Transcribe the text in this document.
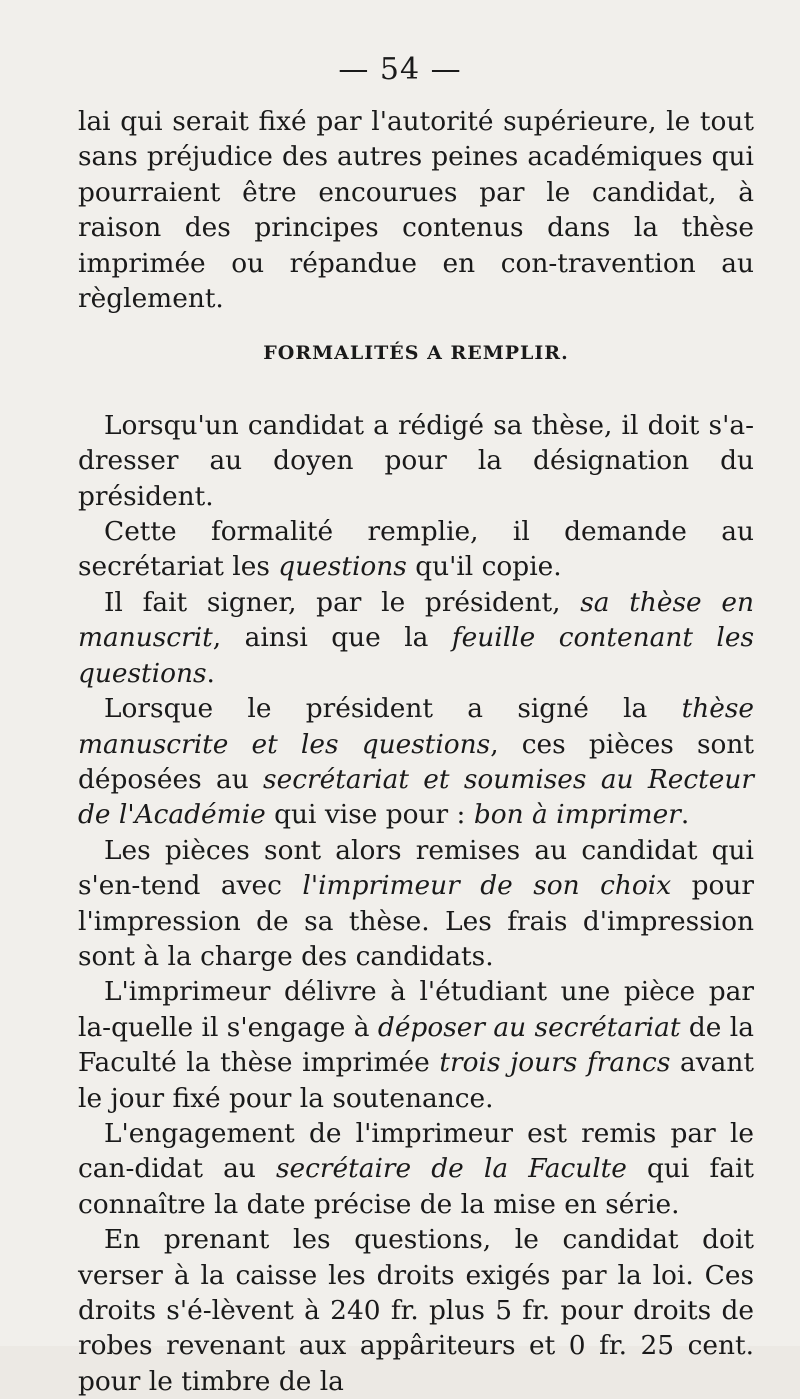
— 54 —

lai qui serait fixé par l'autorité supérieure, le tout sans préjudice des autres peines académiques qui pourraient être encourues par le candidat, à raison des principes contenus dans la thèse imprimée ou répandue en con-travention au règlement.

FORMALITÉS A REMPLIR.

Lorsqu'un candidat a rédigé sa thèse, il doit s'a-dresser au doyen pour la désignation du président.

Cette formalité remplie, il demande au secrétariat les questions qu'il copie.

Il fait signer, par le président, sa thèse en manuscrit, ainsi que la feuille contenant les questions.

Lorsque le président a signé la thèse manuscrite et les questions, ces pièces sont déposées au secrétariat et soumises au Recteur de l'Académie qui vise pour : bon à imprimer.

Les pièces sont alors remises au candidat qui s'en-tend avec l'imprimeur de son choix pour l'impression de sa thèse. Les frais d'impression sont à la charge des candidats.

L'imprimeur délivre à l'étudiant une pièce par la-quelle il s'engage à déposer au secrétariat de la Faculté la thèse imprimée trois jours francs avant le jour fixé pour la soutenance.

L'engagement de l'imprimeur est remis par le can-didat au secrétaire de la Faculte qui fait connaître la date précise de la mise en série.

En prenant les questions, le candidat doit verser à la caisse les droits exigés par la loi. Ces droits s'é-lèvent à 240 fr. plus 5 fr. pour droits de robes revenant aux appâriteurs et 0 fr. 25 cent. pour le timbre de la
